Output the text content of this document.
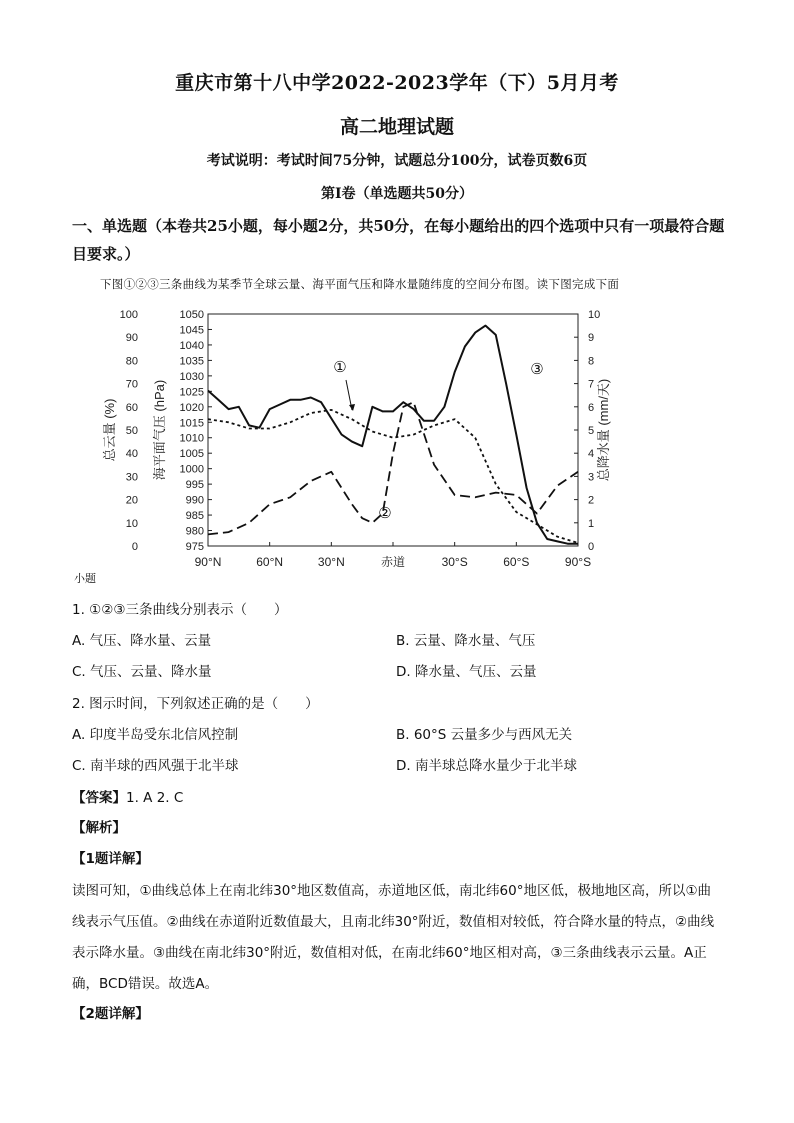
重庆市第十八中学2022-2023学年（下）5月月考
高二地理试题
考试说明：考试时间75分钟，试题总分100分，试卷页数6页
第Ⅰ卷（单选题共50分）
一、单选题（本卷共25小题，每小题2分，共50分，在每小题给出的四个选项中只有一项最符合题目要求。）
下图①②③三条曲线为某季节全球云量、海平面气压和降水量随纬度的空间分布图。读下图完成下面
100
90
80
70
60
50
40
30
20
10
0
1050
1045
1040
1035
1030
1025
1020
1015
1010
1005
1000
995
990
985
980
975
10
9
8
7
6
5
4
3
2
1
0
总云量 (%)	海平面气压 (hPa)	总降水量 (mm/天)
90°N	60°N	30°N	赤道	30°S	60°S	90°S
①
②
③
小题
1. ①②③三条曲线分别表示（　　）
A. 气压、降水量、云量	B. 云量、降水量、气压
C. 气压、云量、降水量	D. 降水量、气压、云量
2. 图示时间，下列叙述正确的是（　　）
A. 印度半岛受东北信风控制	B. 60°S 云量多少与西风无关
C. 南半球的西风强于北半球	D. 南半球总降水量少于北半球
【答案】1. A 2. C
【解析】
【1题详解】
读图可知，①曲线总体上在南北纬30°地区数值高，赤道地区低，南北纬60°地区低，极地地区高，所以①曲线表示气压值。②曲线在赤道附近数值最大，且南北纬30°附近，数值相对较低，符合降水量的特点，②曲线表示降水量。③曲线在南北纬30°附近，数值相对低，在南北纬60°地区相对高，③三条曲线表示云量。A正确，BCD错误。故选A。
【2题详解】
